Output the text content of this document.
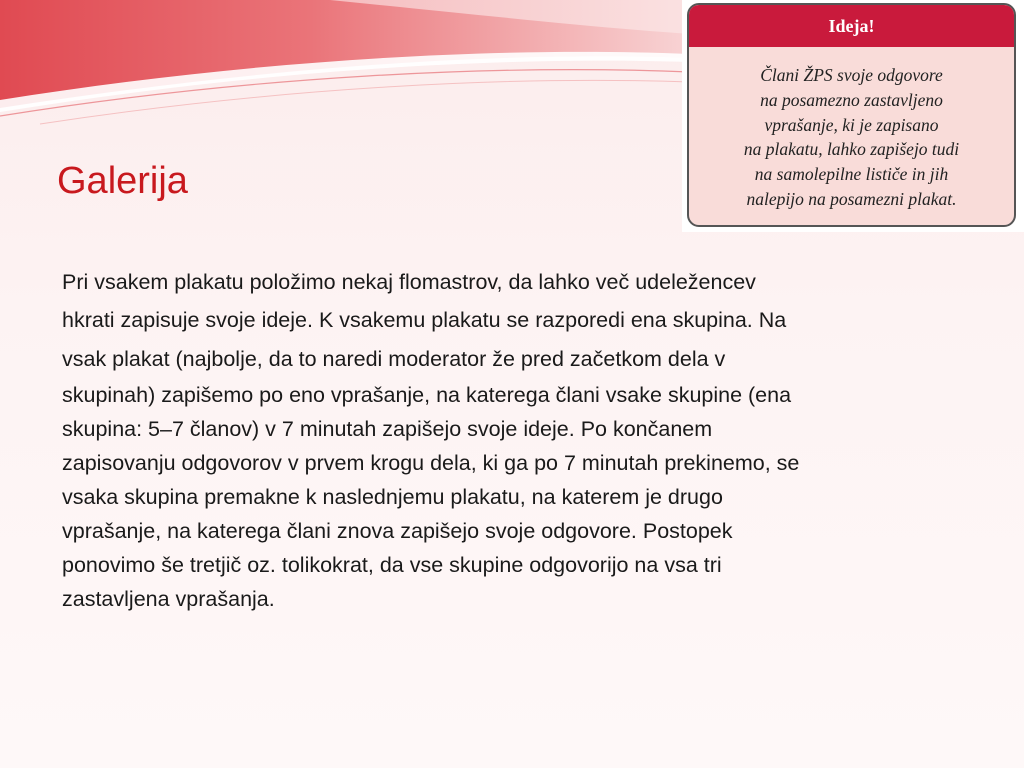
Galerija

Pri vsakem plakatu položimo nekaj flomastrov, da lahko več udeležencev
hkrati zapisuje svoje ideje. K vsakemu plakatu se razporedi ena skupina. Na
vsak plakat (najbolje, da to naredi moderator že pred začetkom dela v
skupinah) zapišemo po eno vprašanje, na katerega člani vsake skupine (ena
skupina: 5–7 članov) v 7 minutah zapišejo svoje ideje. Po končanem
zapisovanju odgovorov v prvem krogu dela, ki ga po 7 minutah prekinemo, se
vsaka skupina premakne k naslednjemu plakatu, na katerem je drugo
vprašanje, na katerega člani znova zapišejo svoje odgovore. Postopek
ponovimo še tretjič oz. tolikokrat, da vse skupine odgovorijo na vsa tri
zastavljena vprašanja.

Ideja!
Člani ŽPS svoje odgovore
na posamezno zastavljeno
vprašanje, ki je zapisano
na plakatu, lahko zapišejo tudi
na samolepilne lističe in jih
nalepijo na posamezni plakat.
